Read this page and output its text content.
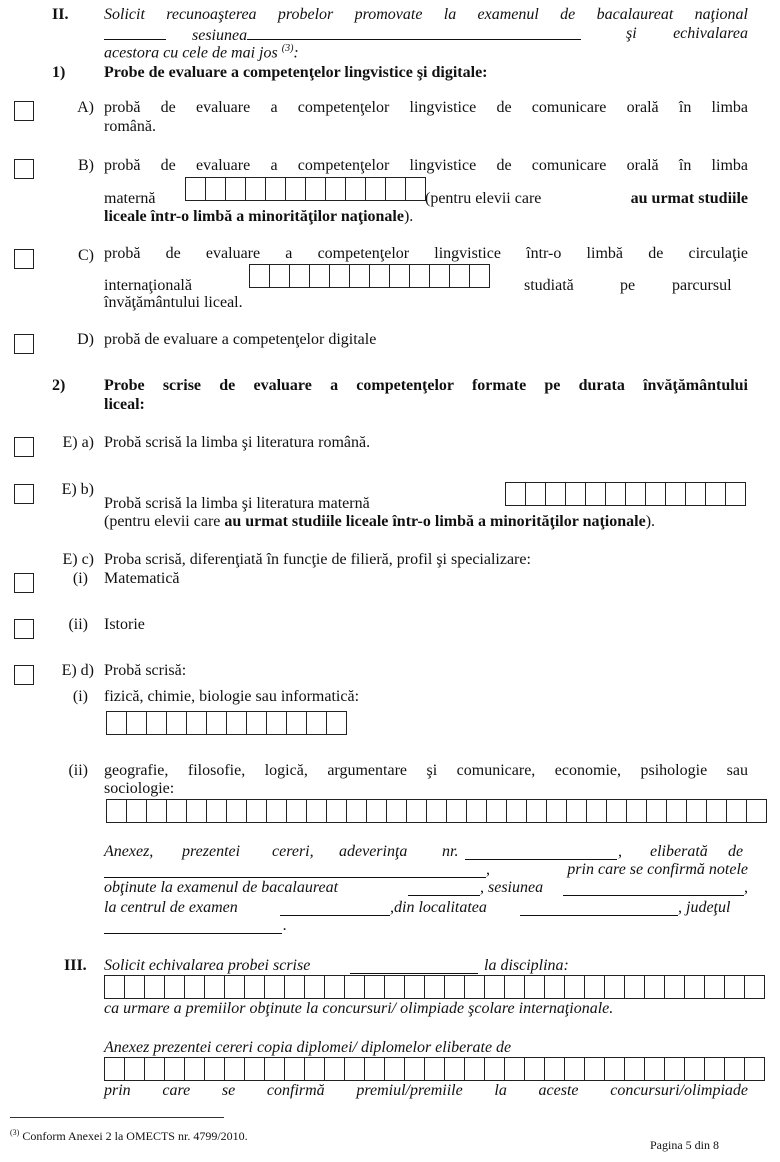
II. Solicit recunoaşterea probelor promovate la examenul de bacalaureat naţional
sesiunea	şi echivalarea
acestora cu cele de mai jos $^{(3)}$:
1) Probe de evaluare a competenţelor lingvistice şi digitale:
A) probă de evaluare a competenţelor lingvistice de comunicare orală în limba
română.
B) probă de evaluare a competenţelor lingvistice de comunicare orală în limba
maternă	(pentru elevii care	au urmat studiile
liceale într-o limbă a minorităţilor naţionale).
C) probă de evaluare a competenţelor lingvistice într-o limbă de circulaţie
internaţională	studiată	pe parcursul
învăţământului liceal.
D) probă de evaluare a competenţelor digitale
2) Probe scrise de evaluare a competenţelor formate pe durata învăţământului
liceal:
E) a) Probă scrisă la limba şi literatura română.
E) b)
Probă scrisă la limba şi literatura maternă
(pentru elevii care au urmat studiile liceale într-o limbă a minorităţilor naţionale).
E) c) Proba scrisă, diferenţiată în funcţie de filieră, profil şi specializare:
(i) Matematică
(ii) Istorie
E) d) Probă scrisă:
(i) fizică, chimie, biologie sau informatică:
(ii) geografie, filosofie, logică, argumentare şi comunicare, economie, psihologie sau
sociologie:
Anexez, prezentei cereri, adeverinţa nr.	, eliberată de
,	prin care se confirmă notele
obţinute la examenul de bacalaureat	, sesiunea	,
la centrul de examen	,din localitatea	, judeţul
.
III. Solicit echivalarea probei scrise	la disciplina:
ca urmare a premiilor obţinute la concursuri/ olimpiade şcolare internaţionale.
Anexez prezentei cereri copia diplomei/ diplomelor eliberate de
prin care se confirmă premiul/premiile la aceste concursuri/olimpiade
$^{(3)}$ Conform Anexei 2 la OMECTS nr. 4799/2010.
Pagina 5 din 8
